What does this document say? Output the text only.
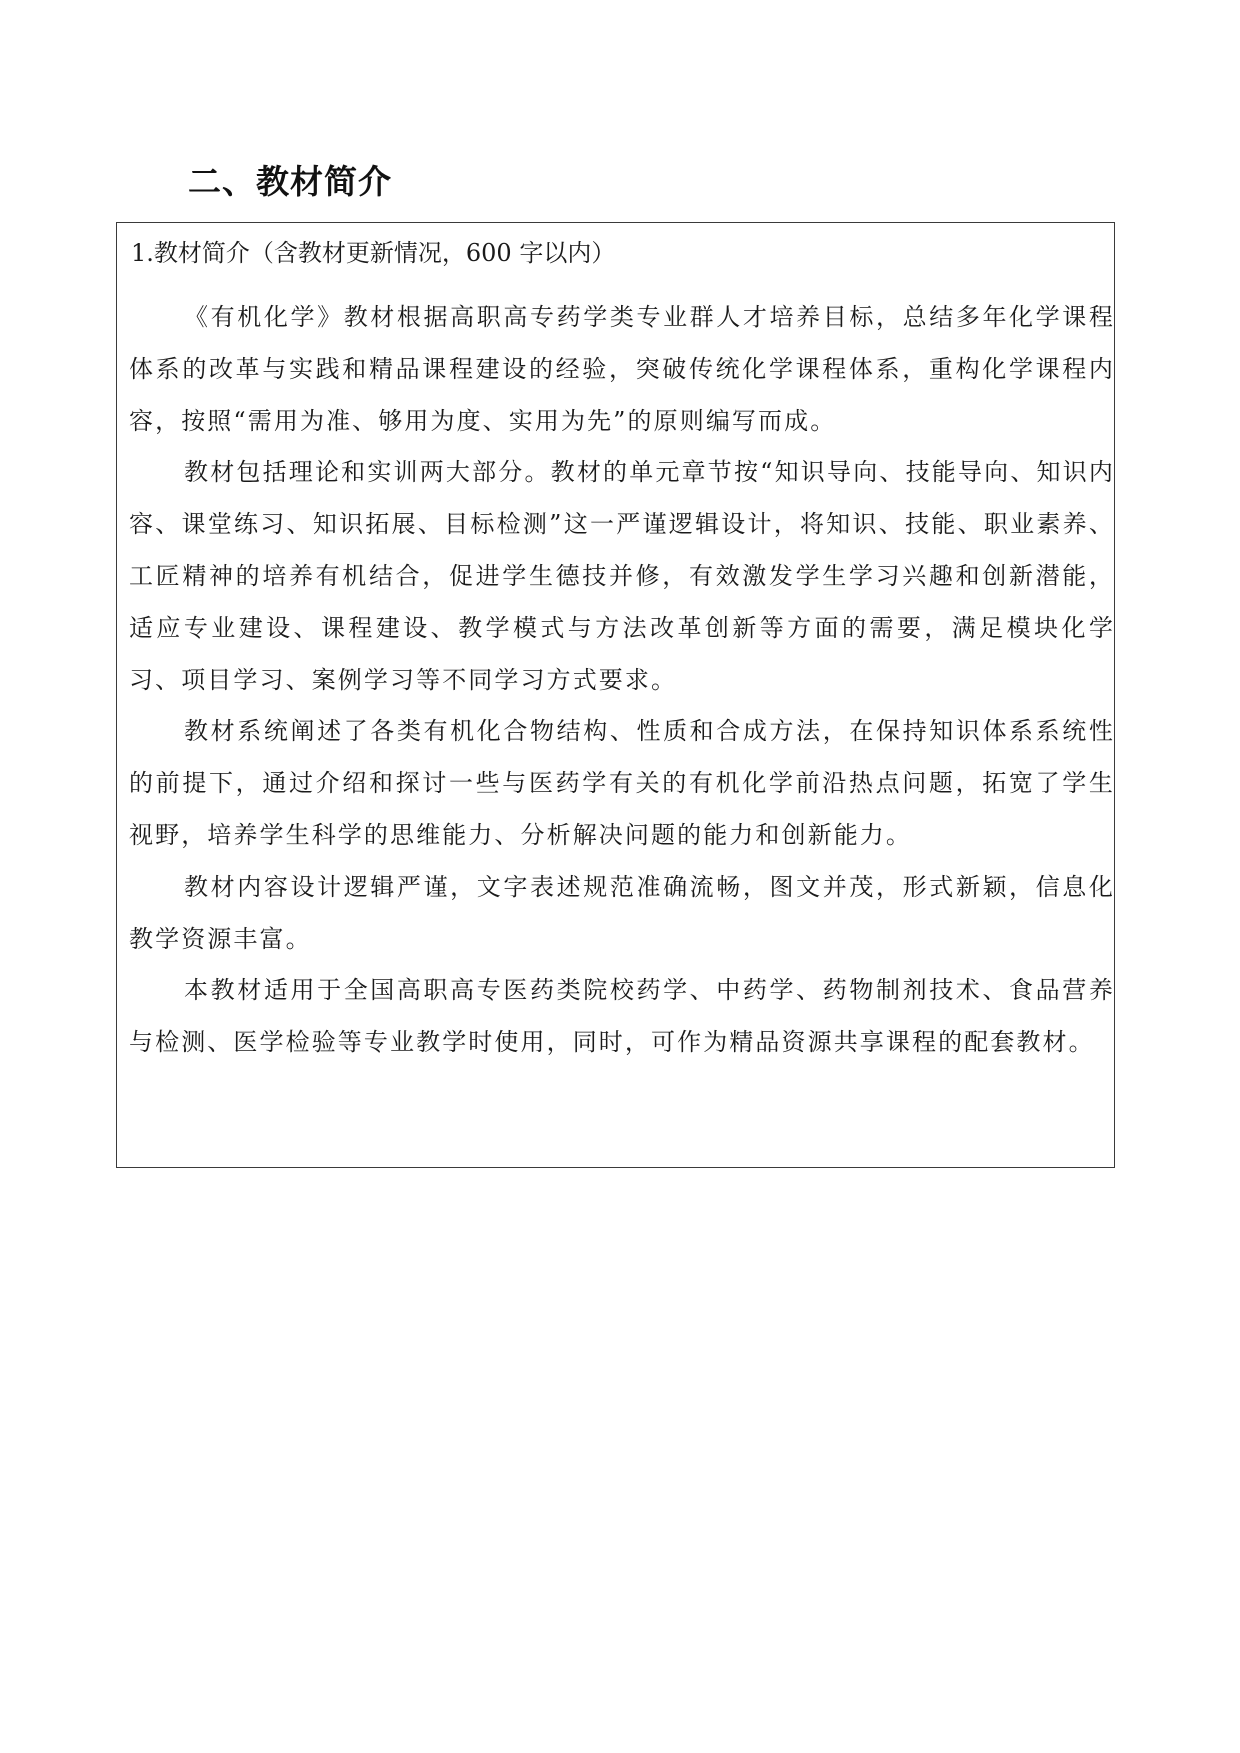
二、教材简介
1.教材简介（含教材更新情况，600 字以内）

《有机化学》教材根据高职高专药学类专业群人才培养目标，总结多年化学课程体系的改革与实践和精品课程建设的经验，突破传统化学课程体系，重构化学课程内容，按照“需用为准、够用为度、实用为先”的原则编写而成。

教材包括理论和实训两大部分。教材的单元章节按“知识导向、技能导向、知识内容、课堂练习、知识拓展、目标检测”这一严谨逻辑设计，将知识、技能、职业素养、工匠精神的培养有机结合，促进学生德技并修，有效激发学生学习兴趣和创新潜能，适应专业建设、课程建设、教学模式与方法改革创新等方面的需要，满足模块化学习、项目学习、案例学习等不同学习方式要求。

教材系统阐述了各类有机化合物结构、性质和合成方法，在保持知识体系系统性的前提下，通过介绍和探讨一些与医药学有关的有机化学前沿热点问题，拓宽了学生视野，培养学生科学的思维能力、分析解决问题的能力和创新能力。

教材内容设计逻辑严谨，文字表述规范准确流畅，图文并茂，形式新颖，信息化教学资源丰富。

本教材适用于全国高职高专医药类院校药学、中药学、药物制剂技术、食品营养与检测、医学检验等专业教学时使用，同时，可作为精品资源共享课程的配套教材。
